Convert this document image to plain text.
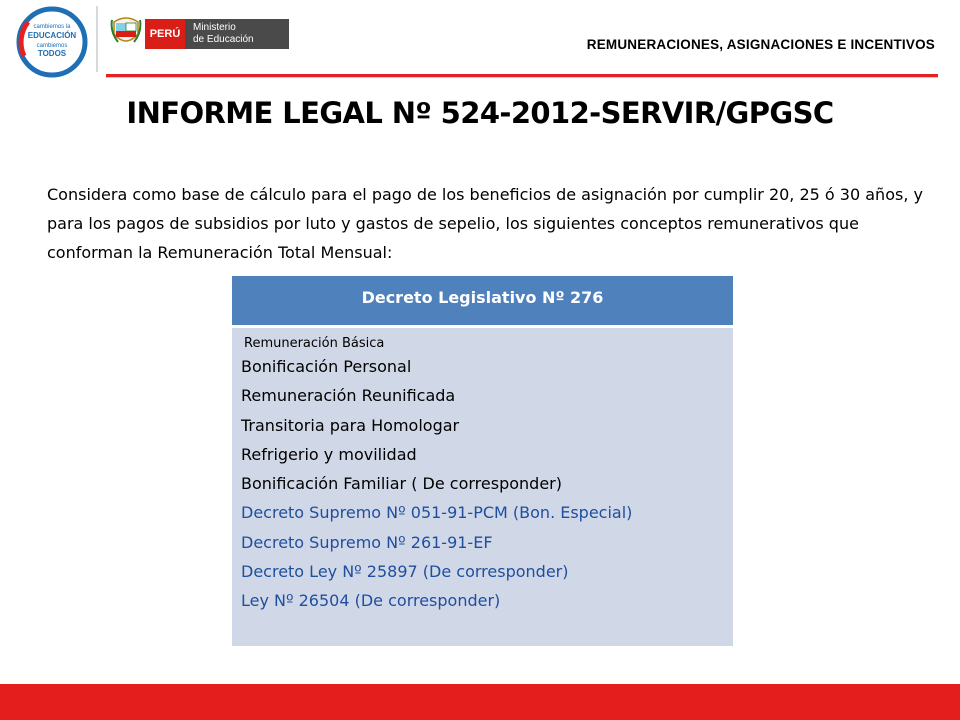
cambiemos la
EDUCACIÓN
cambiemos
TODOS
PERÚ
Ministerio
de Educación	REMUNERACIONES, ASIGNACIONES E INCENTIVOS
INFORME LEGAL Nº 524-2012-SERVIR/GPGSC

Considera como base de cálculo para el pago de los beneficios de asignación por cumplir 20, 25 ó 30 años, y para los pagos de subsidios por luto y gastos de sepelio, los siguientes conceptos remunerativos que conforman la Remuneración Total Mensual:

Decreto Legislativo Nº 276
Remuneración Básica
Bonificación Personal
Remuneración Reunificada
Transitoria para Homologar
Refrigerio y movilidad
Bonificación Familiar ( De corresponder)
Decreto Supremo Nº 051-91-PCM (Bon. Especial)
Decreto Supremo Nº 261-91-EF
Decreto Ley Nº 25897 (De corresponder)
Ley Nº 26504 (De corresponder)
